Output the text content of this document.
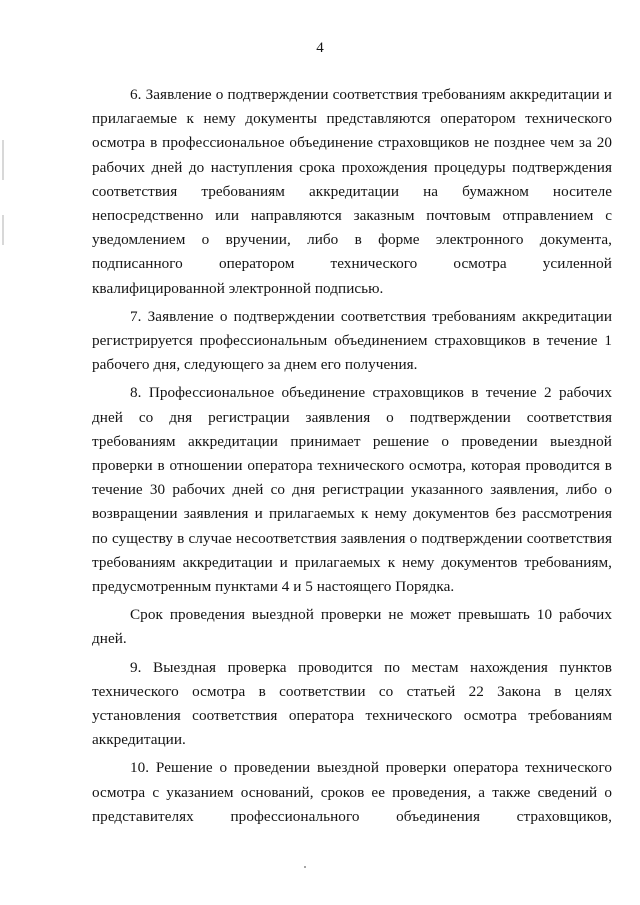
4

6. Заявление о подтверждении соответствия требованиям аккредитации и прилагаемые к нему документы представляются оператором технического осмотра в профессиональное объединение страховщиков не позднее чем за 20 рабочих дней до наступления срока прохождения процедуры подтверждения соответствия требованиям аккредитации на бумажном носителе непосредственно или направляются заказным почтовым отправлением с уведомлением о вручении, либо в форме электронного документа, подписанного оператором технического осмотра усиленной квалифицированной электронной подписью.

7. Заявление о подтверждении соответствия требованиям аккредитации регистрируется профессиональным объединением страховщиков в течение 1 рабочего дня, следующего за днем его получения.

8. Профессиональное объединение страховщиков в течение 2 рабочих дней со дня регистрации заявления о подтверждении соответствия требованиям аккредитации принимает решение о проведении выездной проверки в отношении оператора технического осмотра, которая проводится в течение 30 рабочих дней со дня регистрации указанного заявления, либо о возвращении заявления и прилагаемых к нему документов без рассмотрения по существу в случае несоответствия заявления о подтверждении соответствия требованиям аккредитации и прилагаемых к нему документов требованиям, предусмотренным пунктами 4 и 5 настоящего Порядка.

Срок проведения выездной проверки не может превышать 10 рабочих дней.

9. Выездная проверка проводится по местам нахождения пунктов технического осмотра в соответствии со статьей 22 Закона в целях установления соответствия оператора технического осмотра требованиям аккредитации.

10. Решение о проведении выездной проверки оператора технического осмотра с указанием оснований, сроков ее проведения, а также сведений о представителях профессионального объединения страховщиков,
